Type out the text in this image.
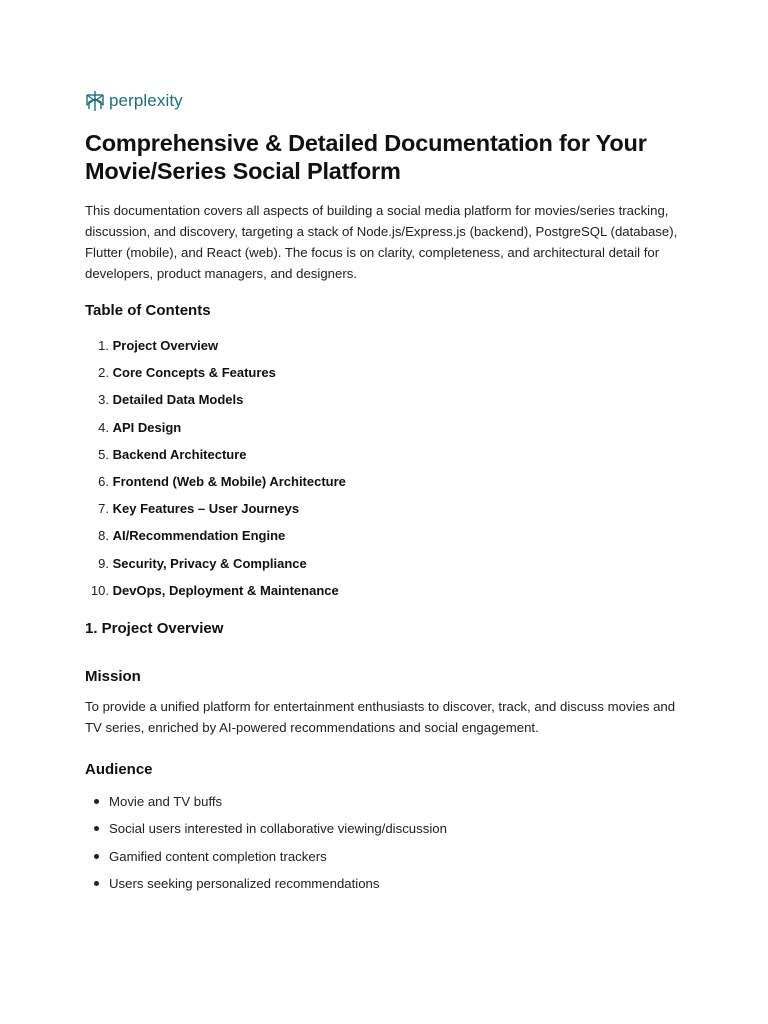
perplexity
Comprehensive & Detailed Documentation for Your Movie/Series Social Platform

This documentation covers all aspects of building a social media platform for movies/series tracking, discussion, and discovery, targeting a stack of Node.js/Express.js (backend), PostgreSQL (database), Flutter (mobile), and React (web). The focus is on clarity, completeness, and architectural detail for developers, product managers, and designers.

Table of Contents
1.
Project Overview
2.
Core Concepts & Features
3.
Detailed Data Models
4.
API Design
5.
Backend Architecture
6.
Frontend (Web & Mobile) Architecture
7.
Key Features – User Journeys
8.
AI/Recommendation Engine
9.
Security, Privacy & Compliance
10.
DevOps, Deployment & Maintenance
1. Project Overview
Mission

To provide a unified platform for entertainment enthusiasts to discover, track, and discuss movies and TV series, enriched by AI-powered recommendations and social engagement.

Audience
Movie and TV buffs
Social users interested in collaborative viewing/discussion
Gamified content completion trackers
Users seeking personalized recommendations
